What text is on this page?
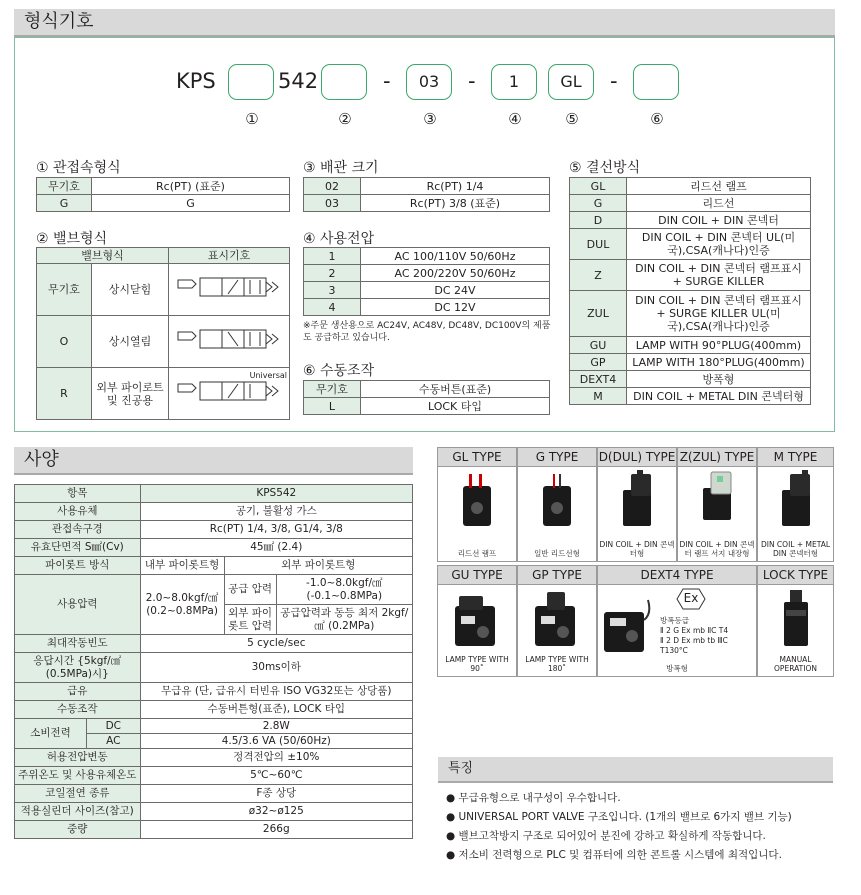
형식기호
KPS	542	-	03	-	1	GL	-
①	②	③	④	⑤	⑥
① 관접속형식
무기호	Rc(PT) (표준)
G	G
② 밸브형식
밸브형식		표시기호
무기호	상시닫힘	
O	상시열림	
R	외부 파이로트 및 진공용	Universal
③ 배관 크기
02	Rc(PT) 1/4
03	Rc(PT) 3/8 (표준)
④ 사용전압
1	AC 100/110V 50/60Hz
2	AC 200/220V 50/60Hz
3	DC 24V
4	DC 12V
※주문 생산용으로 AC24V, AC48V, DC48V, DC100V의 제품도 공급하고 있습니다.
⑥ 수동조작
무기호	수동버튼(표준)
L	LOCK 타입
⑤ 결선방식
GL	리드선 램프
G	리드선
D	DIN COIL + DIN 콘넥터
DUL	DIN COIL + DIN 콘넥터 UL(미국),CSA(캐나다)인증
Z	DIN COIL + DIN 콘넥터 램프표시 + SURGE KILLER
ZUL	DIN COIL + DIN 콘넥터 램프표시 + SURGE KILLER UL(미국),CSA(캐나다)인증
GU	LAMP WITH 90°PLUG(400mm)
GP	LAMP WITH 180°PLUG(400mm)
DEXT4	방폭형
M	DIN COIL + METAL DIN 콘넥터형
사양
항목		KPS542		
사용유체		공기, 불활성 가스		
관접속구경		Rc(PT) 1/4, 3/8, G1/4, 3/8		
유효단면적 S㎟(Cv)		45㎟ (2.4)		
파이롯트 방식		내부 파이롯트형	외부 파이롯트형	
사용압력		2.0~8.0kgf/㎠ (0.2~0.8MPa)	공급 압력	-1.0~8.0kgf/㎠ (-0.1~0.8MPa)
			외부 파이롯트 압력	공급압력과 동등 최저 2kgf/㎠ (0.2MPa)
최대작동빈도		5 cycle/sec		
응답시간 {5kgf/㎠ (0.5MPa)시}		30ms이하		
급유		무급유 (단, 급유시 터빈유 ISO VG32또는 상당품)		
수동조작		수동버튼형(표준), LOCK 타입		
소비전력	DC	2.8W		
	AC	4.5/3.6 VA (50/60Hz)		
허용전압변동		정격전압의 ±10%		
주위온도 및 사용유체온도		5℃~60℃		
코일절연 종류		F종 상당		
적용실린더 사이즈(참고)		ø32~ø125		
중량		266g		
GL TYPE
리드선 램프
G TYPE
일반 리드선형
D(DUL) TYPE
DIN COIL + DIN 콘넥터형
Z(ZUL) TYPE
DIN COIL + DIN 콘넥터 램프 서지 내장형
M TYPE
DIN COIL + METAL DIN 콘넥터형
GU TYPE
LAMP TYPE WITH 90˚
GP TYPE
LAMP TYPE WITH 180˚
DEXT4 TYPE
Ex
방폭등급
Ⅱ 2 G Ex mb ⅡC T4
Ⅱ 2 D Ex mb tb ⅢC T130°C
방폭형
LOCK TYPE
MANUAL OPERATION
특징
● 무급유형으로 내구성이 우수합니다.
● UNIVERSAL PORT VALVE 구조입니다. (1개의 밸브로 6가지 밸브 기능)
● 밸브고착방지 구조로 되어있어 분진에 강하고 확실하게 작동합니다.
● 저소비 전력형으로 PLC 및 컴퓨터에 의한 콘트롤 시스템에 최적입니다.
